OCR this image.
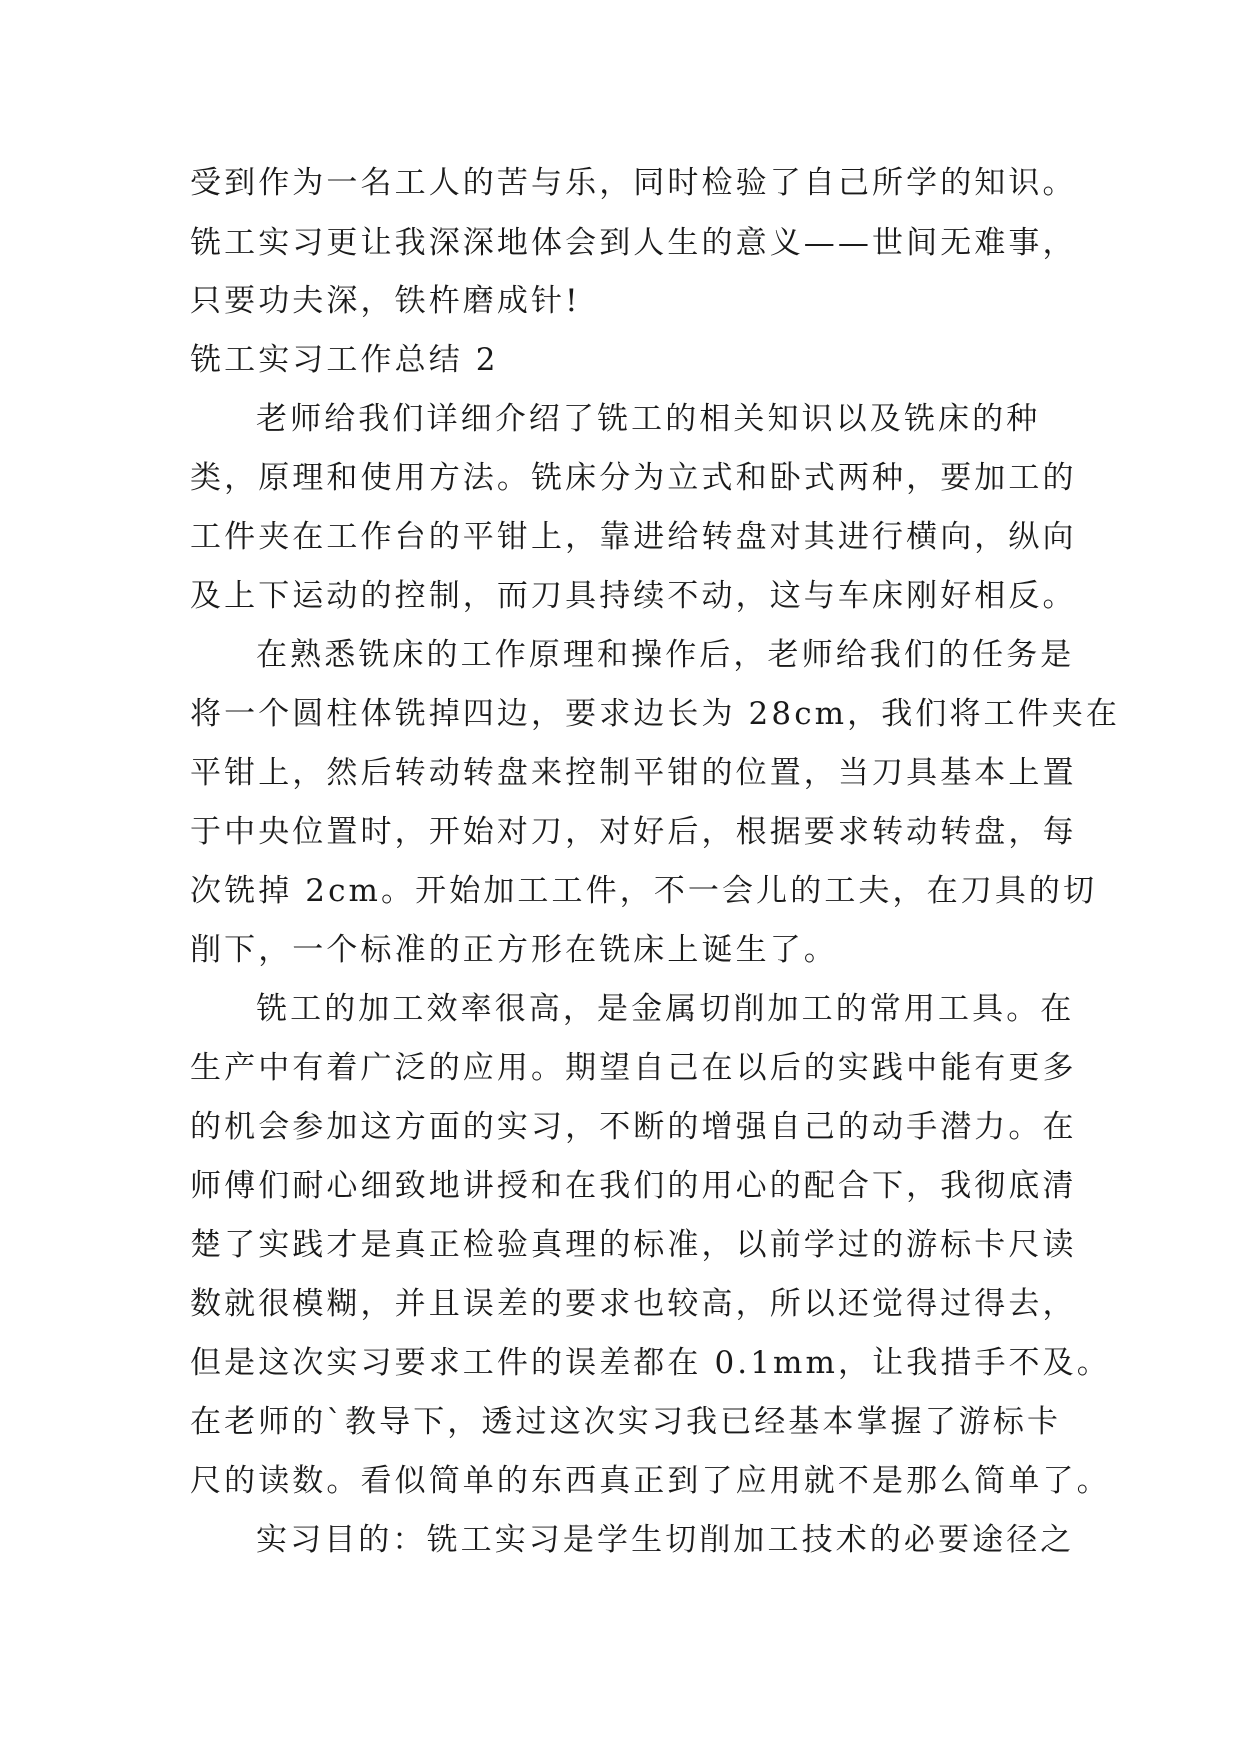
受到作为一名工人的苦与乐，同时检验了自己所学的知识。
铣工实习更让我深深地体会到人生的意义——世间无难事，
只要功夫深，铁杵磨成针!
铣工实习工作总结 2
老师给我们详细介绍了铣工的相关知识以及铣床的种
类，原理和使用方法。铣床分为立式和卧式两种，要加工的
工件夹在工作台的平钳上，靠进给转盘对其进行横向，纵向
及上下运动的控制，而刀具持续不动，这与车床刚好相反。
在熟悉铣床的工作原理和操作后，老师给我们的任务是
将一个圆柱体铣掉四边，要求边长为 28cm，我们将工件夹在
平钳上，然后转动转盘来控制平钳的位置，当刀具基本上置
于中央位置时，开始对刀，对好后，根据要求转动转盘，每
次铣掉 2cm。开始加工工件，不一会儿的工夫，在刀具的切
削下，一个标准的正方形在铣床上诞生了。
铣工的加工效率很高，是金属切削加工的常用工具。在
生产中有着广泛的应用。期望自己在以后的实践中能有更多
的机会参加这方面的实习，不断的增强自己的动手潜力。在
师傅们耐心细致地讲授和在我们的用心的配合下，我彻底清
楚了实践才是真正检验真理的标准，以前学过的游标卡尺读
数就很模糊，并且误差的要求也较高，所以还觉得过得去，
但是这次实习要求工件的误差都在 0.1mm，让我措手不及。
在老师的`教导下，透过这次实习我已经基本掌握了游标卡
尺的读数。看似简单的东西真正到了应用就不是那么简单了。
实习目的：铣工实习是学生切削加工技术的必要途径之
